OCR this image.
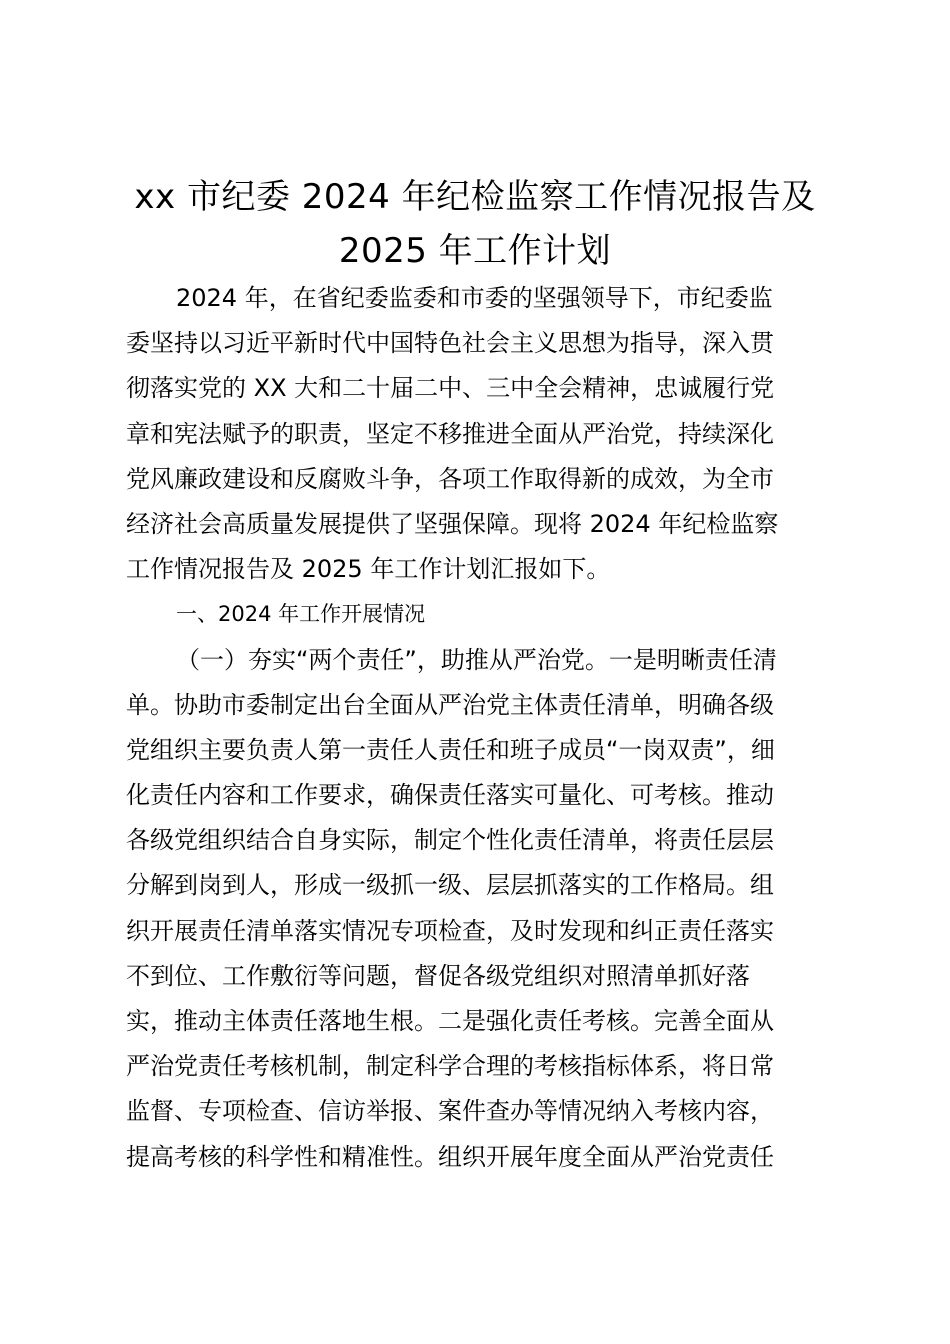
xx 市纪委 2024 年纪检监察工作情况报告及
2025 年工作计划
2024 年，在省纪委监委和市委的坚强领导下，市纪委监
委坚持以习近平新时代中国特色社会主义思想为指导，深入贯
彻落实党的 XX 大和二十届二中、三中全会精神，忠诚履行党
章和宪法赋予的职责，坚定不移推进全面从严治党，持续深化
党风廉政建设和反腐败斗争，各项工作取得新的成效，为全市
经济社会高质量发展提供了坚强保障。现将 2024 年纪检监察
工作情况报告及 2025 年工作计划汇报如下。
一、2024 年工作开展情况
（一）夯实“两个责任”，助推从严治党。一是明晰责任清
单。协助市委制定出台全面从严治党主体责任清单，明确各级
党组织主要负责人第一责任人责任和班子成员“一岗双责”，细
化责任内容和工作要求，确保责任落实可量化、可考核。推动
各级党组织结合自身实际，制定个性化责任清单，将责任层层
分解到岗到人，形成一级抓一级、层层抓落实的工作格局。组
织开展责任清单落实情况专项检查，及时发现和纠正责任落实
不到位、工作敷衍等问题，督促各级党组织对照清单抓好落
实，推动主体责任落地生根。二是强化责任考核。完善全面从
严治党责任考核机制，制定科学合理的考核指标体系，将日常
监督、专项检查、信访举报、案件查办等情况纳入考核内容，
提高考核的科学性和精准性。组织开展年度全面从严治党责任
